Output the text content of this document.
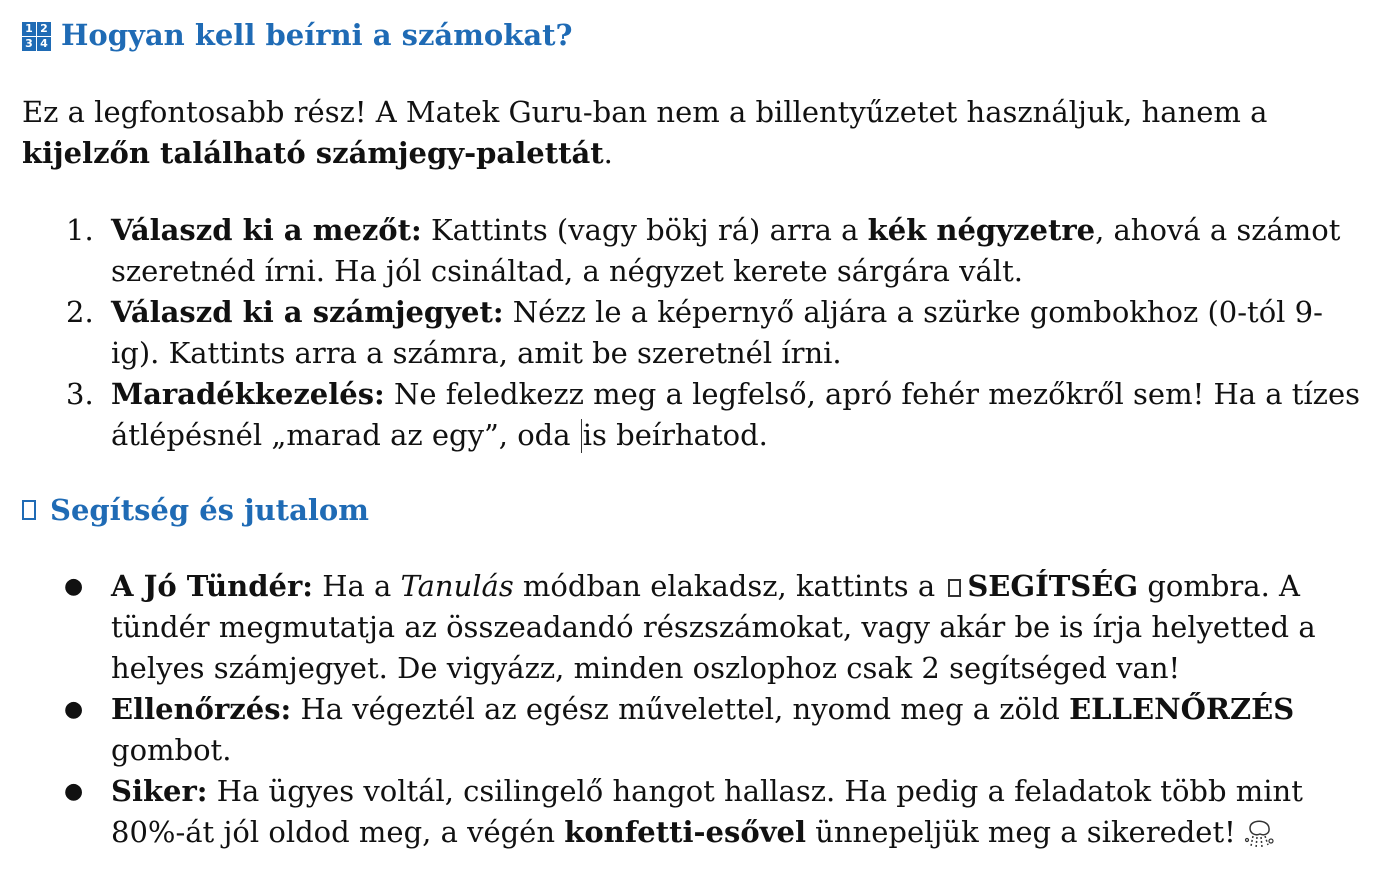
1 2
3 4 Hogyan kell beírni a számokat?

Ez a legfontosabb rész! A Matek Guru-ban nem a billentyűzetet használjuk, hanem a kijelzőn található számjegy-palettát.

1. Válaszd ki a mezőt: Kattints (vagy bökj rá) arra a kék négyzetre, ahová a számot szeretnéd írni. Ha jól csináltad, a négyzet kerete sárgára vált.
2. Válaszd ki a számjegyet: Nézz le a képernyő aljára a szürke gombokhoz (0-tól 9-ig). Kattints arra a számra, amit be szeretnél írni.
3. Maradékkezelés: Ne feledkezz meg a legfelső, apró fehér mezőkről sem! Ha a tízes átlépésnél „marad az egy”, oda is beírhatod.
Segítség és jutalom
● A Jó Tündér: Ha a Tanulás módban elakadsz, kattints a SEGÍTSÉG gombra. A tündér megmutatja az összeadandó részszámokat, vagy akár be is írja helyetted a helyes számjegyet. De vigyázz, minden oszlophoz csak 2 segítséged van!
● Ellenőrzés: Ha végeztél az egész művelettel, nyomd meg a zöld ELLENŐRZÉS gombot.
● Siker: Ha ügyes voltál, csilingelő hangot hallasz. Ha pedig a feladatok több mint 80%-át jól oldod meg, a végén konfetti-esővel ünnepeljük meg a sikeredet!
